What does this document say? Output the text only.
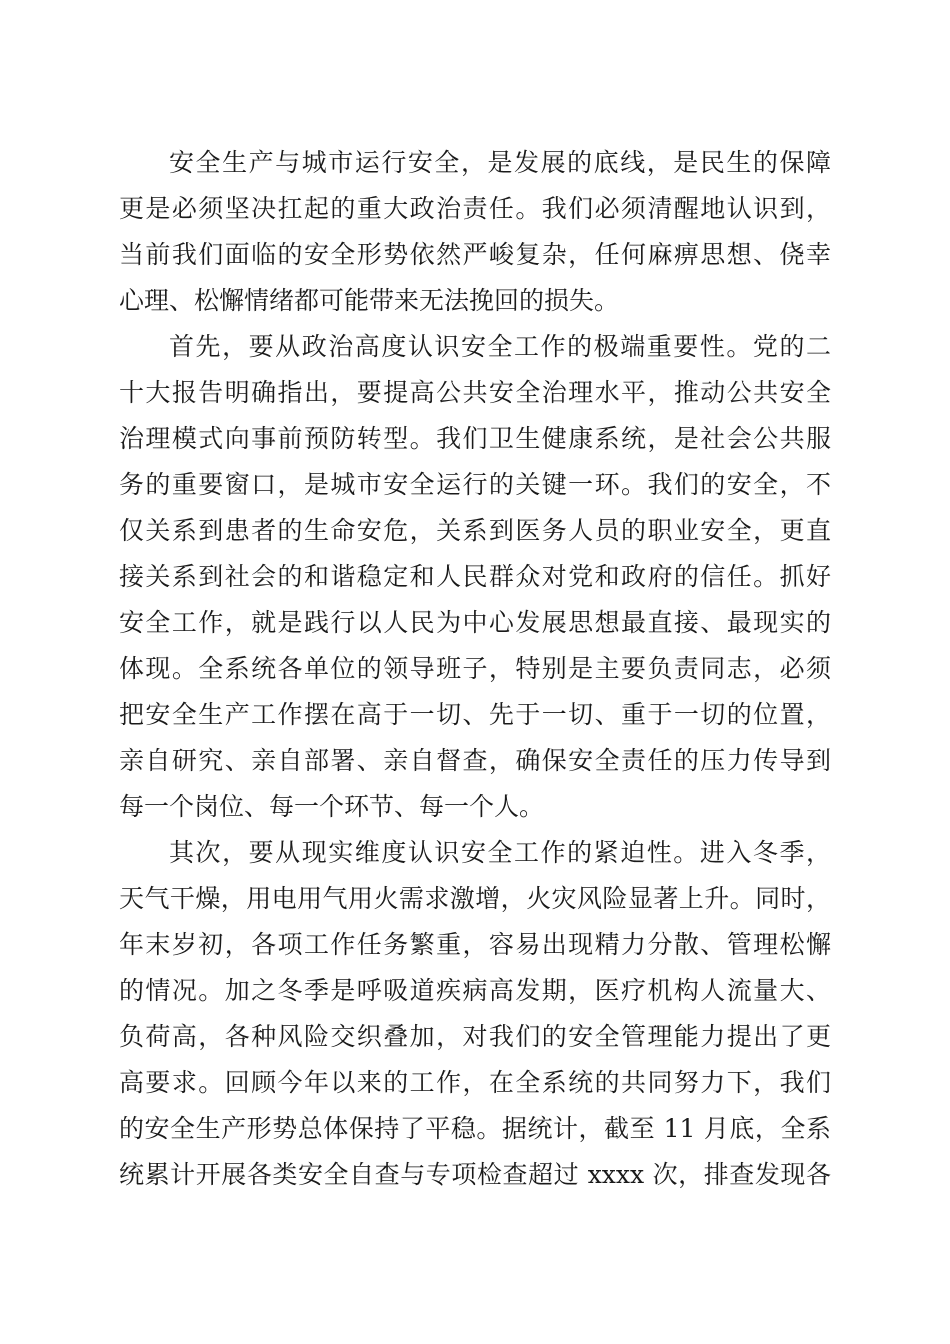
安全生产与城市运行安全，是发展的底线，是民生的保障
更是必须坚决扛起的重大政治责任。我们必须清醒地认识到，
当前我们面临的安全形势依然严峻复杂，任何麻痹思想、侥幸
心理、松懈情绪都可能带来无法挽回的损失。

首先，要从政治高度认识安全工作的极端重要性。党的二
十大报告明确指出，要提高公共安全治理水平，推动公共安全
治理模式向事前预防转型。我们卫生健康系统，是社会公共服
务的重要窗口，是城市安全运行的关键一环。我们的安全，不
仅关系到患者的生命安危，关系到医务人员的职业安全，更直
接关系到社会的和谐稳定和人民群众对党和政府的信任。抓好
安全工作，就是践行以人民为中心发展思想最直接、最现实的
体现。全系统各单位的领导班子，特别是主要负责同志，必须
把安全生产工作摆在高于一切、先于一切、重于一切的位置，
亲自研究、亲自部署、亲自督查，确保安全责任的压力传导到
每一个岗位、每一个环节、每一个人。

其次，要从现实维度认识安全工作的紧迫性。进入冬季，
天气干燥，用电用气用火需求激增，火灾风险显著上升。同时，
年末岁初，各项工作任务繁重，容易出现精力分散、管理松懈
的情况。加之冬季是呼吸道疾病高发期，医疗机构人流量大、
负荷高，各种风险交织叠加，对我们的安全管理能力提出了更
高要求。回顾今年以来的工作，在全系统的共同努力下，我们
的安全生产形势总体保持了平稳。据统计，截至 11 月底，全系
统累计开展各类安全自查与专项检查超过 xxxx 次，排查发现各
